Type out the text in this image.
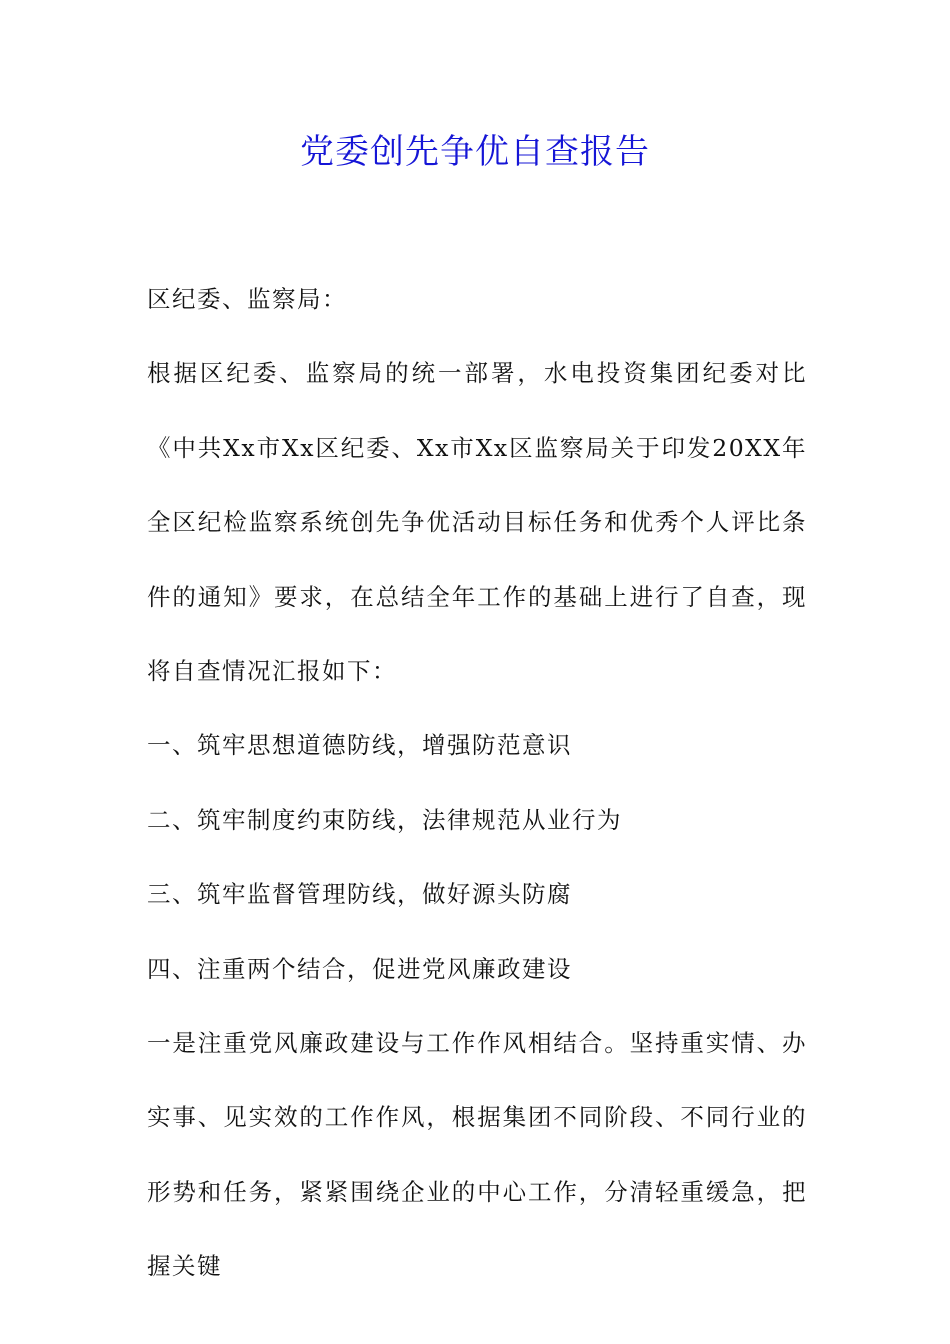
党委创先争优自查报告

区纪委、监察局：

根据区纪委、监察局的统一部署，水电投资集团纪委对比《中共Xx市Xx区纪委、Xx市Xx区监察局关于印发20XX年全区纪检监察系统创先争优活动目标任务和优秀个人评比条件的通知》要求，在总结全年工作的基础上进行了自查，现将自查情况汇报如下：

一、筑牢思想道德防线，增强防范意识

二、筑牢制度约束防线，法律规范从业行为

三、筑牢监督管理防线，做好源头防腐

四、注重两个结合，促进党风廉政建设

一是注重党风廉政建设与工作作风相结合。坚持重实情、办实事、见实效的工作作风，根据集团不同阶段、不同行业的形势和任务，紧紧围绕企业的中心工作，分清轻重缓急，把握关键
